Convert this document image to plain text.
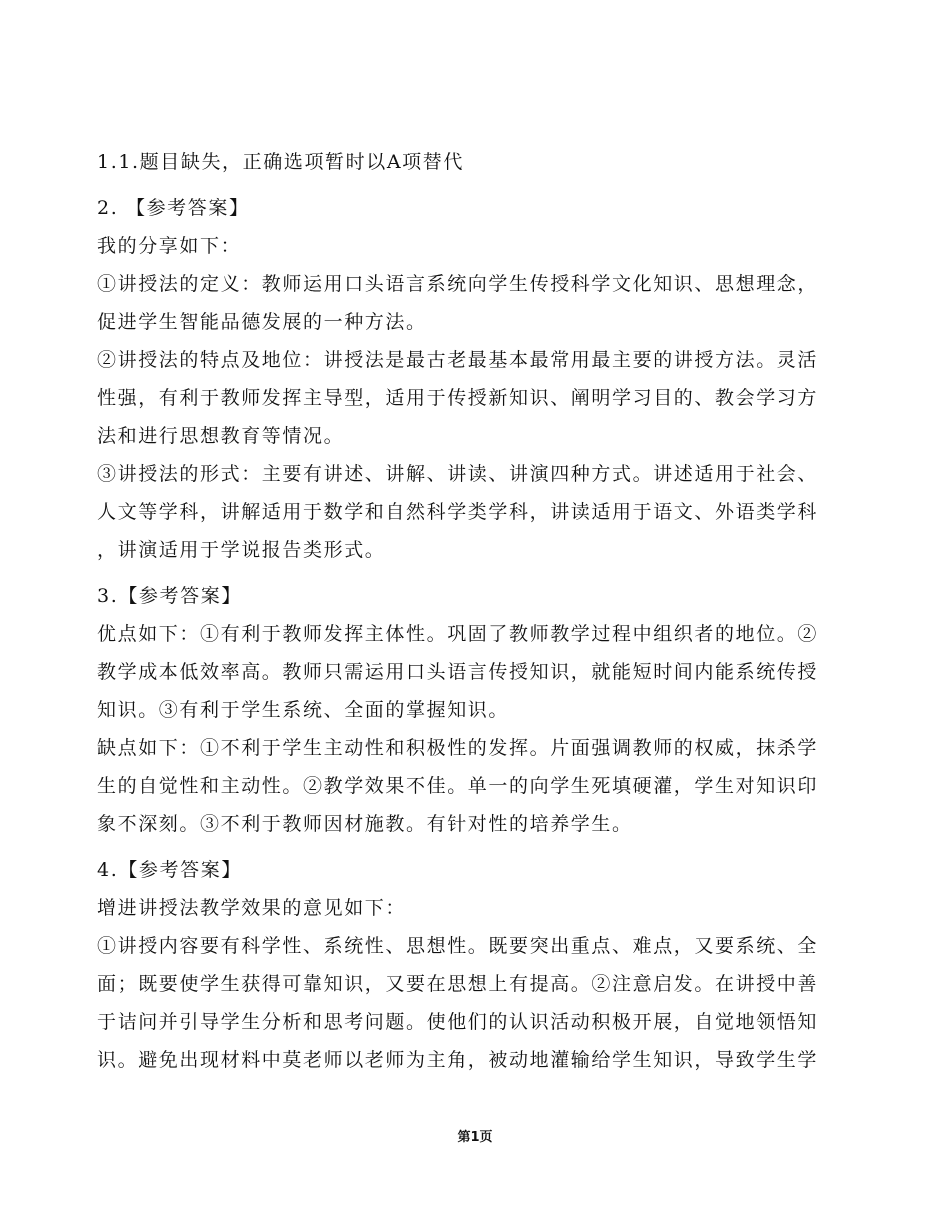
1.1.题目缺失，正确选项暂时以A项替代
2. 【参考答案】
我的分享如下：
①讲授法的定义：教师运用口头语言系统向学生传授科学文化知识、思想理念，
促进学生智能品德发展的一种方法。
②讲授法的特点及地位：讲授法是最古老最基本最常用最主要的讲授方法。灵活
性强，有利于教师发挥主导型，适用于传授新知识、阐明学习目的、教会学习方
法和进行思想教育等情况。
③讲授法的形式：主要有讲述、讲解、讲读、讲演四种方式。讲述适用于社会、
人文等学科，讲解适用于数学和自然科学类学科，讲读适用于语文、外语类学科
，讲演适用于学说报告类形式。
3.【参考答案】
优点如下：①有利于教师发挥主体性。巩固了教师教学过程中组织者的地位。②
教学成本低效率高。教师只需运用口头语言传授知识，就能短时间内能系统传授
知识。③有利于学生系统、全面的掌握知识。
缺点如下：①不利于学生主动性和积极性的发挥。片面强调教师的权威，抹杀学
生的自觉性和主动性。②教学效果不佳。单一的向学生死填硬灌，学生对知识印
象不深刻。③不利于教师因材施教。有针对性的培养学生。
4.【参考答案】
增进讲授法教学效果的意见如下：
①讲授内容要有科学性、系统性、思想性。既要突出重点、难点，又要系统、全
面；既要使学生获得可靠知识，又要在思想上有提高。②注意启发。在讲授中善
于诘问并引导学生分析和思考问题。使他们的认识活动积极开展，自觉地领悟知
识。避免出现材料中莫老师以老师为主角，被动地灌输给学生知识，导致学生学
第1页
